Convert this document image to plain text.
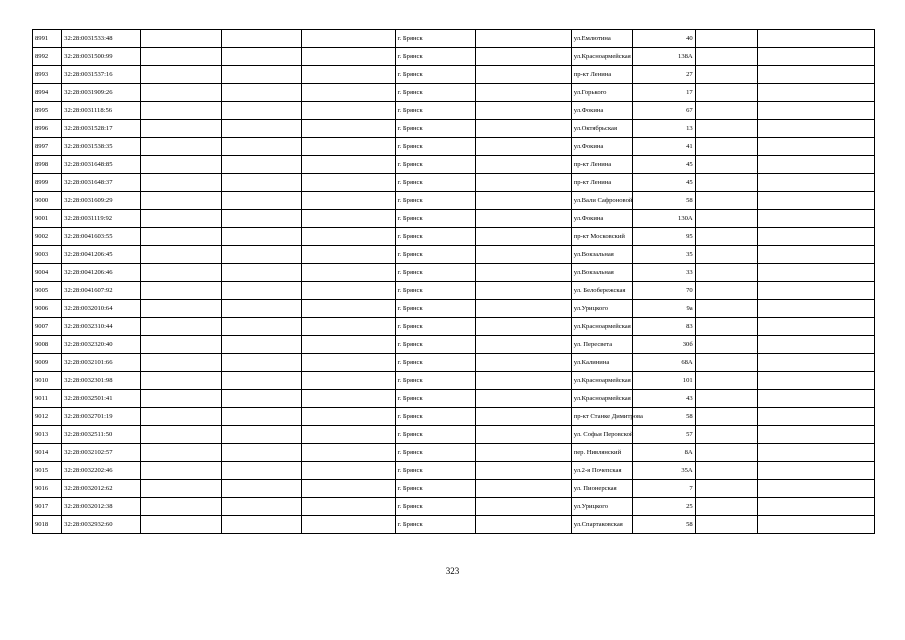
8991	32:28:0031533:48				г. Брянск		ул.Емлютина	40		
8992	32:28:0031500:99				г. Брянск		ул.Красноармейская	138А		
8993	32:28:0031537:16				г. Брянск		пр-кт Ленина	27		
8994	32:28:0031909:26				г. Брянск		ул.Горького	17		
8995	32:28:0031118:56				г. Брянск		ул.Фокина	67		
8996	32:28:0031528:17				г. Брянск		ул.Октябрьская	13		
8997	32:28:0031538:35				г. Брянск		ул.Фокина	41		
8998	32:28:0031648:85				г. Брянск		пр-кт Ленина	45		
8999	32:28:0031648:37				г. Брянск		пр-кт Ленина	45		
9000	32:28:0031609:29				г. Брянск		ул.Вали Сафроновой	58		
9001	32:28:0031119:92				г. Брянск		ул.Фокина	130А		
9002	32:28:0041603:55				г. Брянск		пр-кт Московский	95		
9003	32:28:0041206:45				г. Брянск		ул.Вокзальная	35		
9004	32:28:0041206:46				г. Брянск		ул.Вокзальная	33		
9005	32:28:0041607:92				г. Брянск		ул. Белобережская	70		
9006	32:28:0032010:64				г. Брянск		ул.Урицкого	9а		
9007	32:28:0032310:44				г. Брянск		ул.Красноармейская	83		
9008	32:28:0032320:40				г. Брянск		ул. Пересвета	30б		
9009	32:28:0032101:66				г. Брянск		ул.Калинина	68А		
9010	32:28:0032301:98				г. Брянск		ул.Красноармейская	101		
9011	32:28:0032501:41				г. Брянск		ул.Красноармейская	43		
9012	32:28:0032701:19				г. Брянск		пр-кт Станке Димитрова	58		
9013	32:28:0032511:50				г. Брянск		ул. Софьи Перовской	57		
9014	32:28:0032102:57				г. Брянск		пер. Нивлянский	8А		
9015	32:28:0032202:46				г. Брянск		ул.2-я Почепская	35А		
9016	32:28:0032012:62				г. Брянск		ул. Пионерская	7		
9017	32:28:0032012:38				г. Брянск		ул.Урицкого	25		
9018	32:28:0032932:60				г. Брянск		ул.Спартаковская	58		
323
